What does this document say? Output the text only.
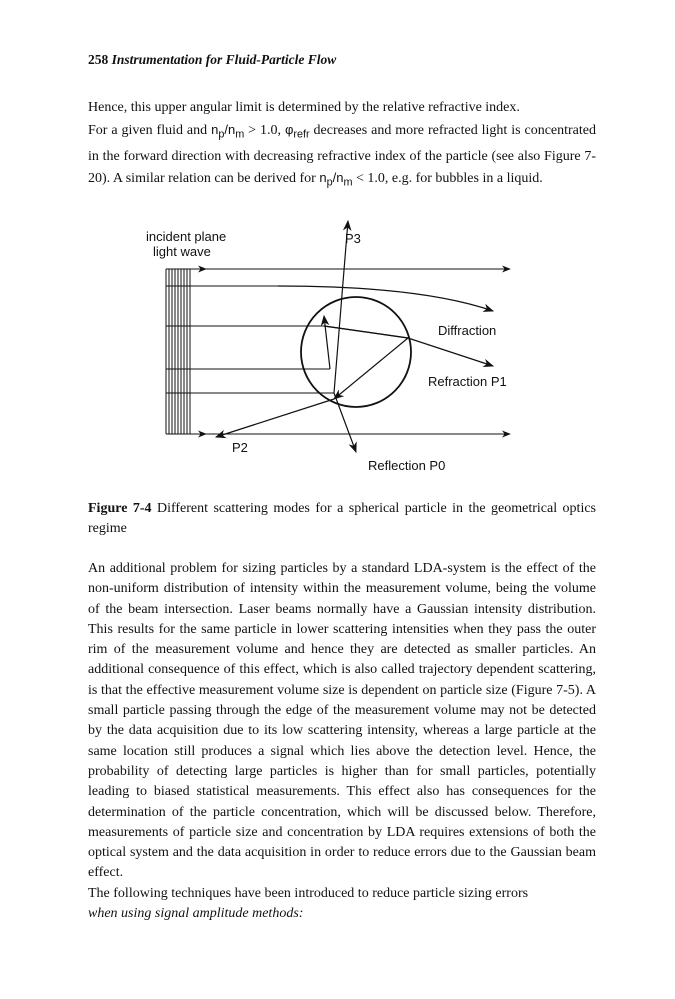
258 Instrumentation for Fluid-Particle Flow

Hence, this upper angular limit is determined by the relative refractive index.

For a given fluid and $n_p/n_m > 1.0$, $\varphi_{refr}$ decreases and more refracted light is concentrated in the forward direction with decreasing refractive index of the particle (see also Figure 7-20). A similar relation can be derived for $n_p/n_m < 1.0$, e.g. for bubbles in a liquid.

incident plane
light wave
P3
Diffraction
Refraction P1
P2
Reflection P0
Figure 7-4 Different scattering modes for a spherical particle in the geometrical optics regime

An additional problem for sizing particles by a standard LDA-system is the effect of the non-uniform distribution of intensity within the measurement volume, being the volume of the beam intersection. Laser beams normally have a Gaussian intensity distribution. This results for the same particle in lower scattering intensities when they pass the outer rim of the measurement volume and hence they are detected as smaller particles. An additional consequence of this effect, which is also called trajectory dependent scattering, is that the effective measurement volume size is dependent on particle size (Figure 7-5). A small particle passing through the edge of the measurement volume may not be detected by the data acquisition due to its low scattering intensity, whereas a large particle at the same location still produces a signal which lies above the detection level. Hence, the probability of detecting large particles is higher than for small particles, potentially leading to biased statistical measurements. This effect also has consequences for the determination of the particle concentration, which will be discussed below. Therefore, measurements of particle size and concentration by LDA requires extensions of both the optical system and the data acquisition in order to reduce errors due to the Gaussian beam effect.

The following techniques have been introduced to reduce particle sizing errors

when using signal amplitude methods:
